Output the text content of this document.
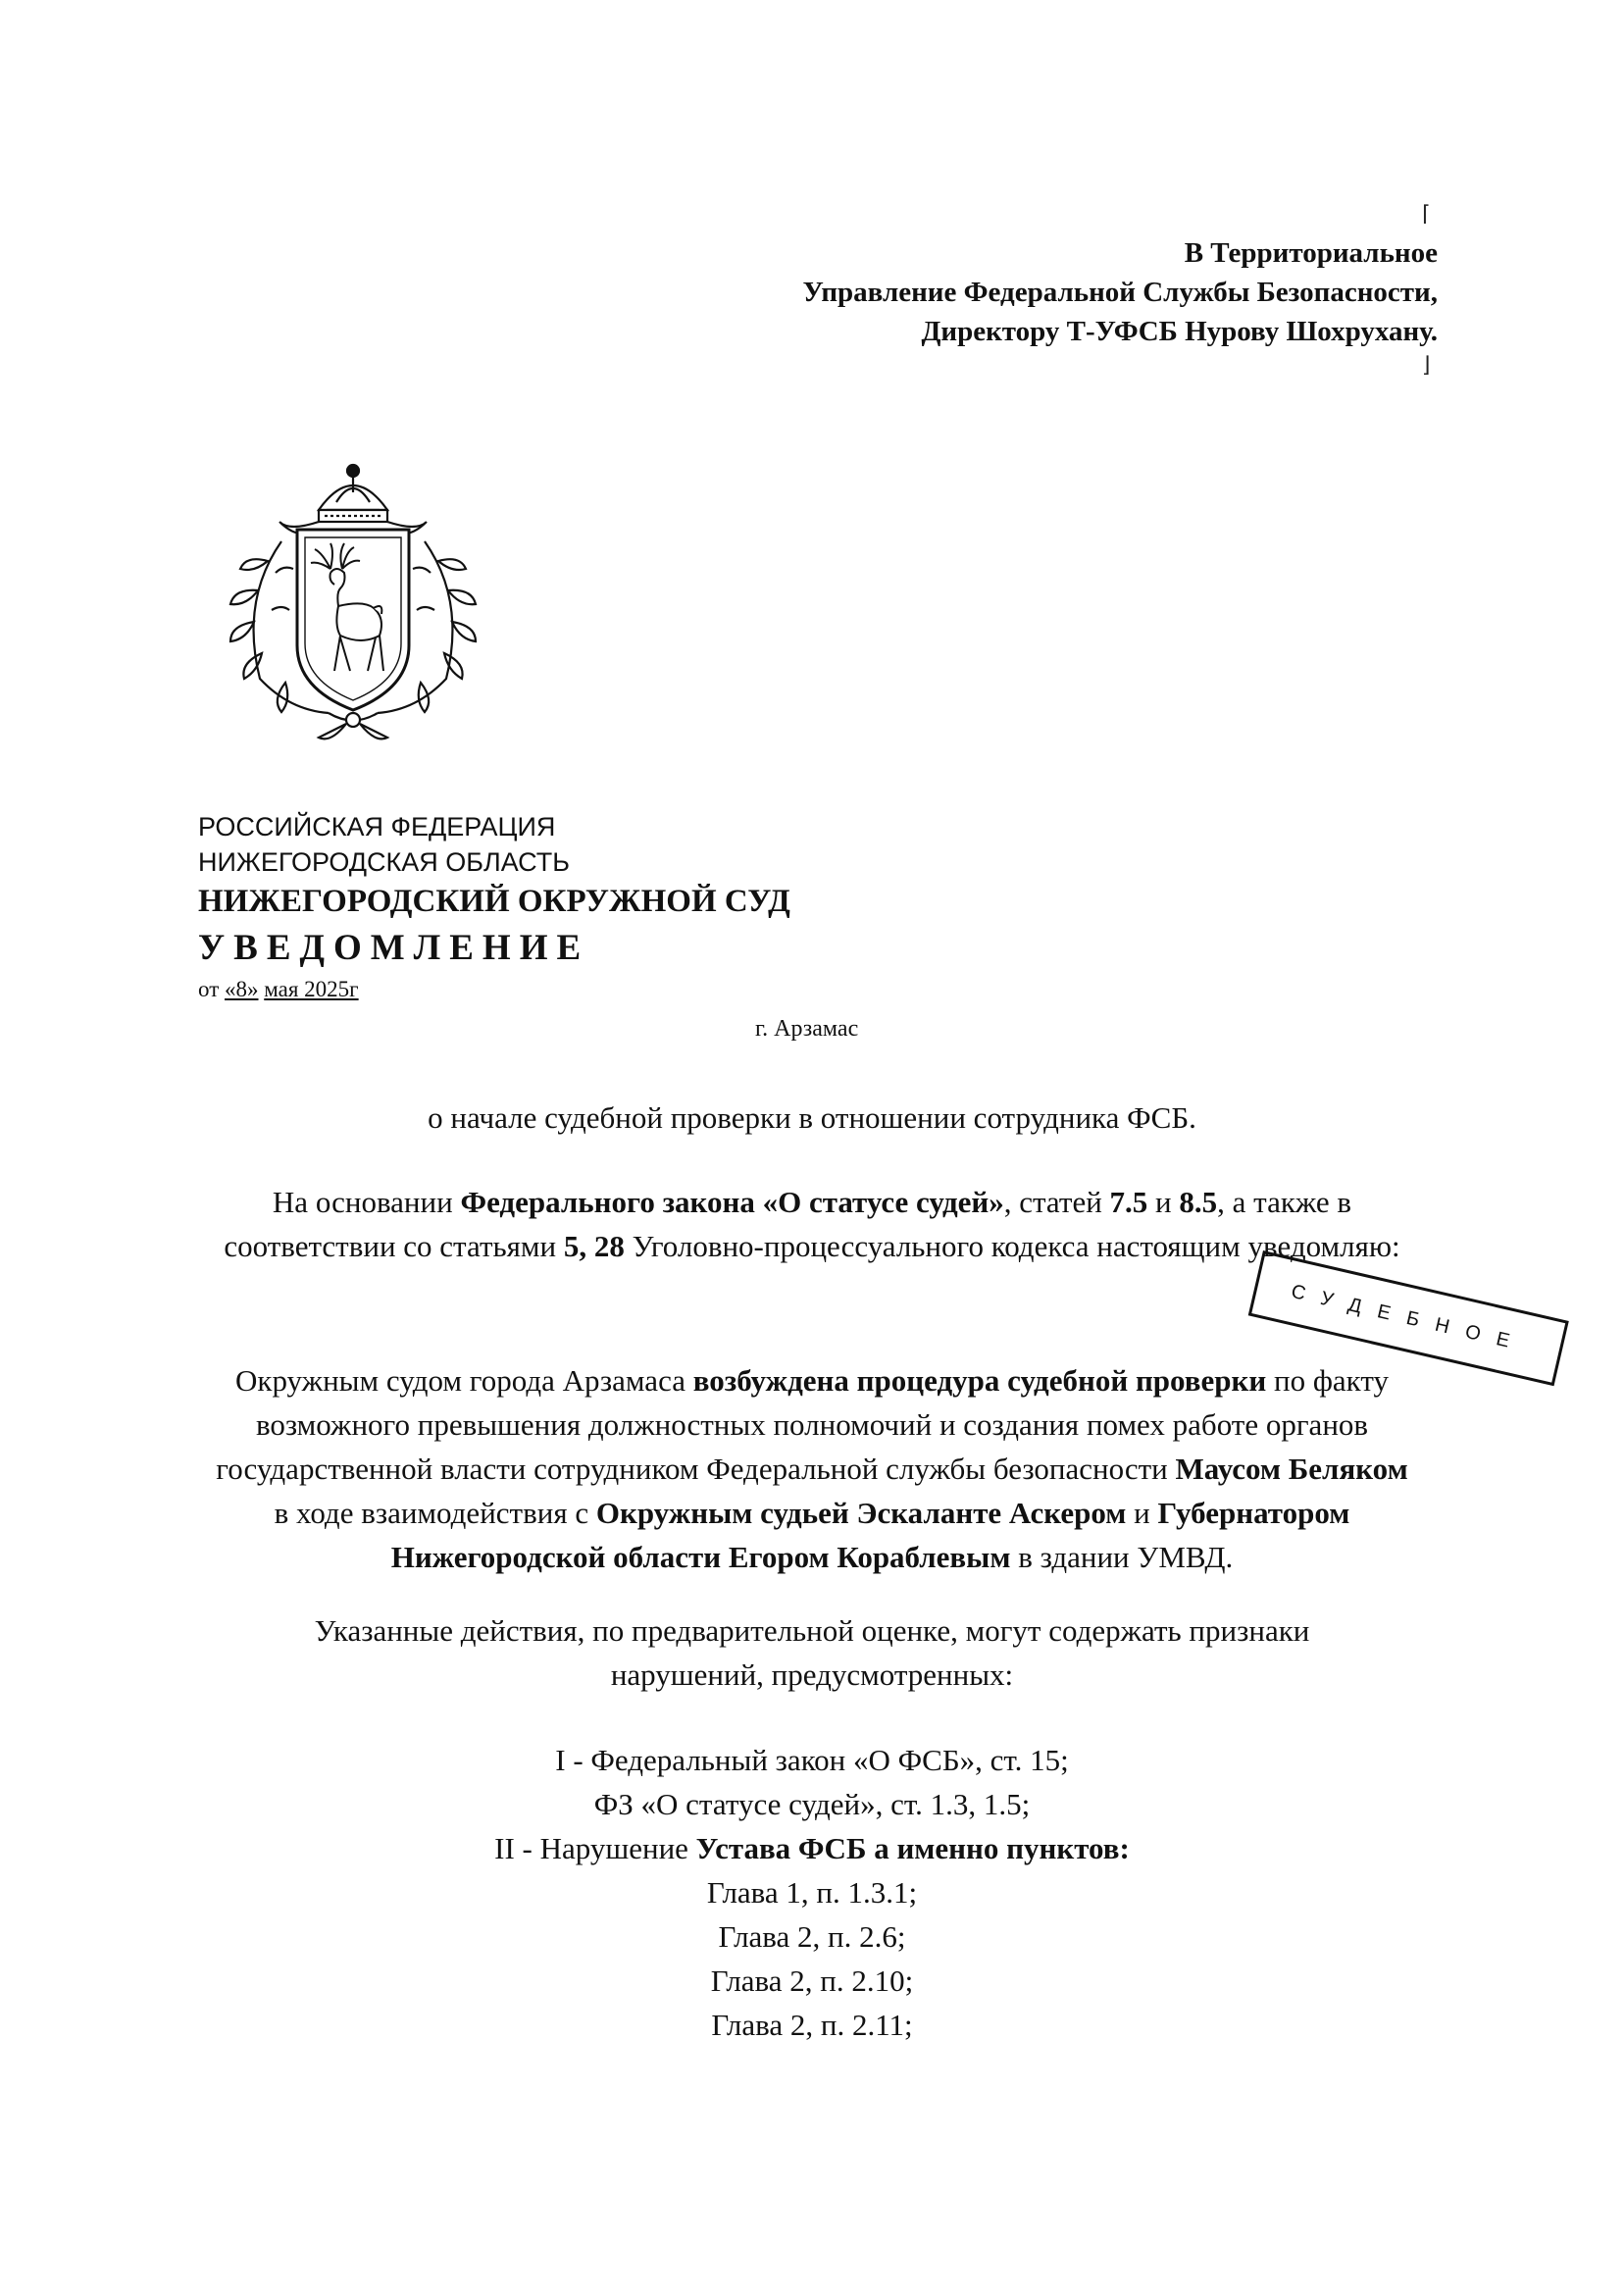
⌈
В Территориальное
Управление Федеральной Службы Безопасности,
Директору Т-УФСБ Нурову Шохрухану.
⌋
РОССИЙСКАЯ ФЕДЕРАЦИЯ
НИЖЕГОРОДСКАЯ ОБЛАСТЬ
НИЖЕГОРОДСКИЙ ОКРУЖНОЙ СУД
УВЕДОМЛЕНИЕ
от «8» мая 2025г
г. Арзамас
о начале судебной проверки в отношении сотрудника ФСБ.
На основании Федерального закона «О статусе судей», статей 7.5 и 8.5, а также в соответствии со статьями 5, 28 Уголовно-процессуального кодекса настоящим уведомляю:
СУДЕБНОЕ
Окружным судом города Арзамаса возбуждена процедура судебной проверки по факту возможного превышения должностных полномочий и создания помех работе органов государственной власти сотрудником Федеральной службы безопасности Маусом Беляком в ходе взаимодействия с Окружным судьей Эскаланте Аскером и Губернатором Нижегородской области Егором Кораблевым в здании УМВД.
Указанные действия, по предварительной оценке, могут содержать признаки нарушений, предусмотренных:
I - Федеральный закон «О ФСБ», ст. 15;
ФЗ «О статусе судей», ст. 1.3, 1.5;
II - Нарушение Устава ФСБ а именно пунктов:
Глава 1, п. 1.3.1;
Глава 2, п. 2.6;
Глава 2, п. 2.10;
Глава 2, п. 2.11;
